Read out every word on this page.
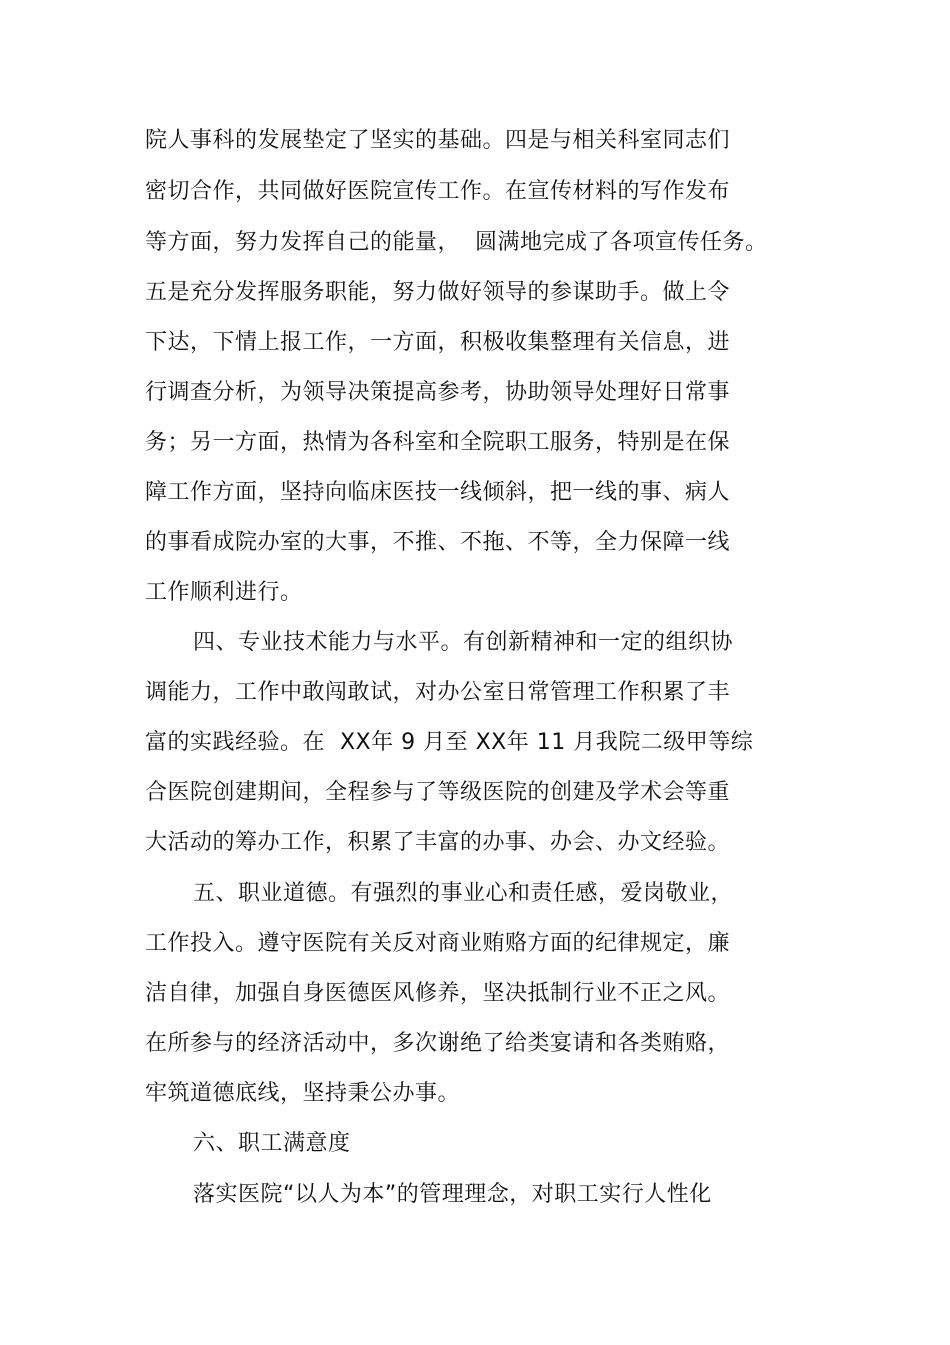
院人事科的发展垫定了坚实的基础。四是与相关科室同志们
密切合作，共同做好医院宣传工作。在宣传材料的写作发布
等方面，努力发挥自己的能量，  圆满地完成了各项宣传任务。
五是充分发挥服务职能，努力做好领导的参谋助手。做上令
下达，下情上报工作，一方面，积极收集整理有关信息，进
行调查分析，为领导决策提高参考，协助领导处理好日常事
务；另一方面，热情为各科室和全院职工服务，特别是在保
障工作方面，坚持向临床医技一线倾斜，把一线的事、病人
的事看成院办室的大事，不推、不拖、不等，全力保障一线
工作顺利进行。
四、专业技术能力与水平。有创新精神和一定的组织协
调能力，工作中敢闯敢试，对办公室日常管理工作积累了丰
富的实践经验。在  XX年 9 月至 XX年 11 月我院二级甲等综
合医院创建期间，全程参与了等级医院的创建及学术会等重
大活动的筹办工作，积累了丰富的办事、办会、办文经验。
五、职业道德。有强烈的事业心和责任感，爱岗敬业，
工作投入。遵守医院有关反对商业贿赂方面的纪律规定，廉
洁自律，加强自身医德医风修养，坚决抵制行业不正之风。
在所参与的经济活动中，多次谢绝了给类宴请和各类贿赂，
牢筑道德底线，坚持秉公办事。
六、职工满意度
落实医院“以人为本”的管理理念，对职工实行人性化
